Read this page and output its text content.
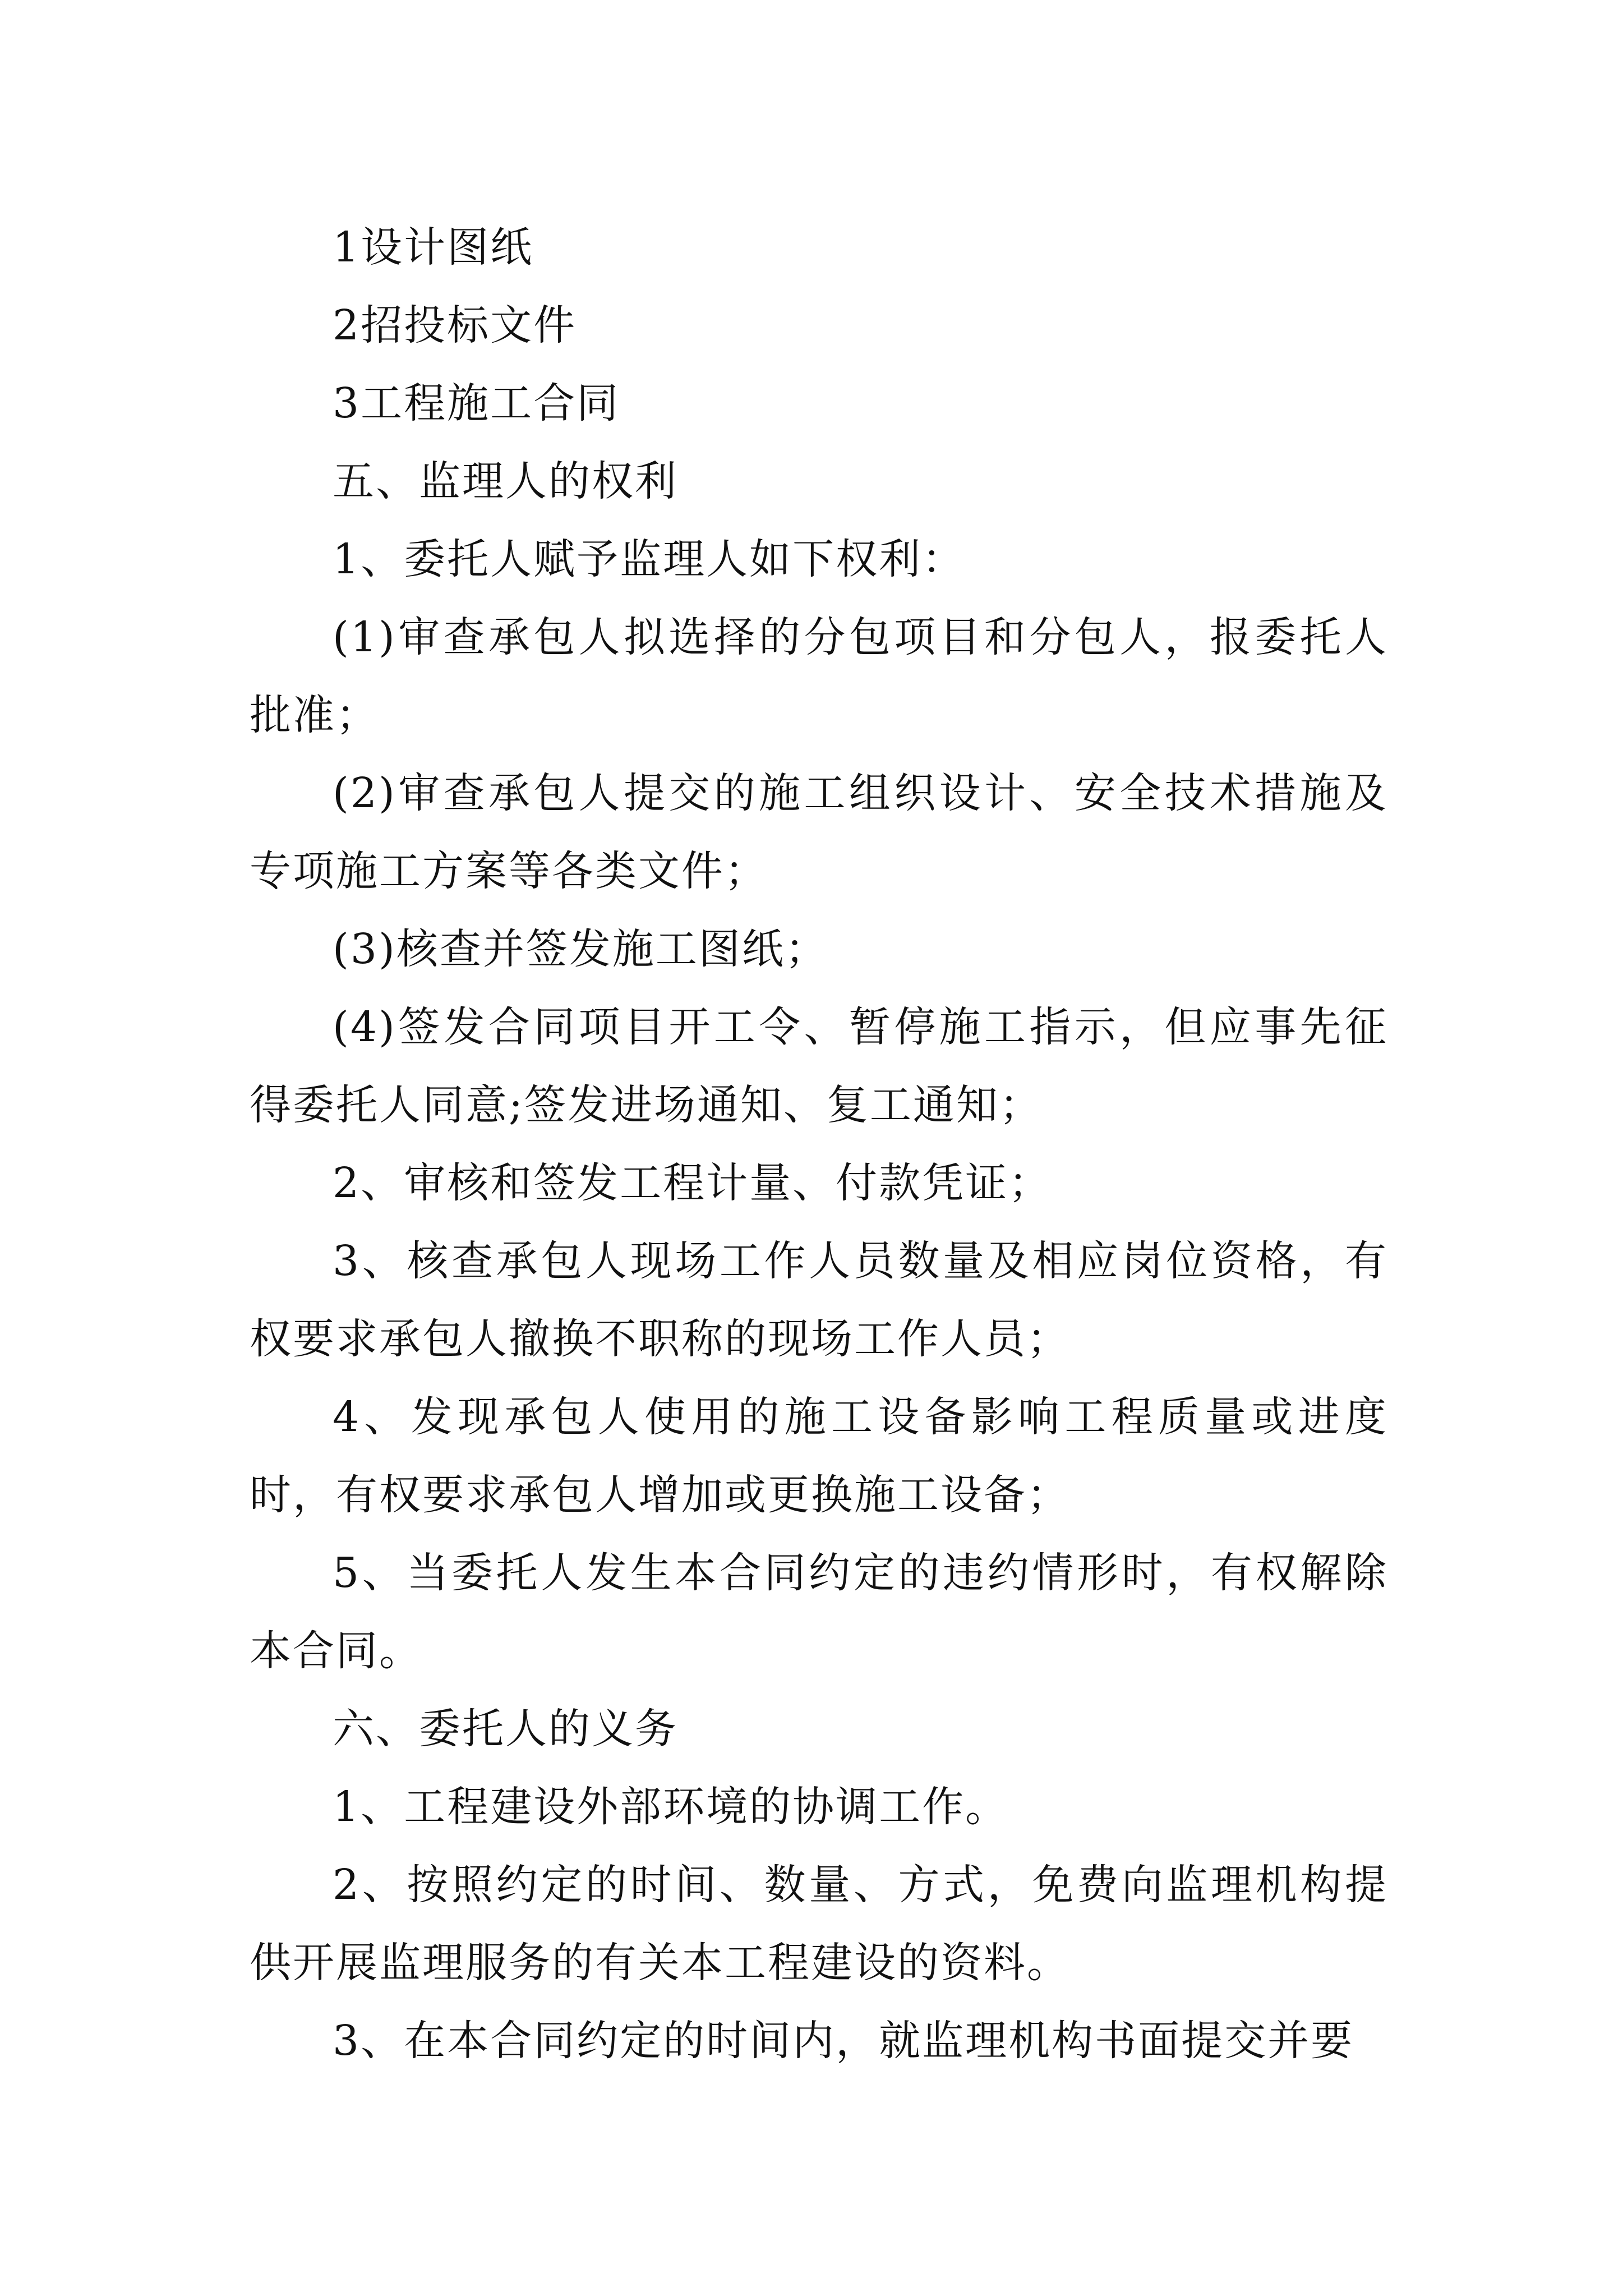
1设计图纸

2招投标文件

3工程施工合同

五、监理人的权利

1、委托人赋予监理人如下权利：

(1)审查承包人拟选择的分包项目和分包人，报委托人批准；

(2)审查承包人提交的施工组织设计、安全技术措施及专项施工方案等各类文件；

(3)核查并签发施工图纸；

(4)签发合同项目开工令、暂停施工指示，但应事先征得委托人同意;签发进场通知、复工通知；

2、审核和签发工程计量、付款凭证；

3、核查承包人现场工作人员数量及相应岗位资格，有权要求承包人撤换不职称的现场工作人员；

4、发现承包人使用的施工设备影响工程质量或进度时，有权要求承包人增加或更换施工设备；

5、当委托人发生本合同约定的违约情形时，有权解除本合同。

六、委托人的义务

1、工程建设外部环境的协调工作。

2、按照约定的时间、数量、方式，免费向监理机构提供开展监理服务的有关本工程建设的资料。

3、在本合同约定的时间内，就监理机构书面提交并要
